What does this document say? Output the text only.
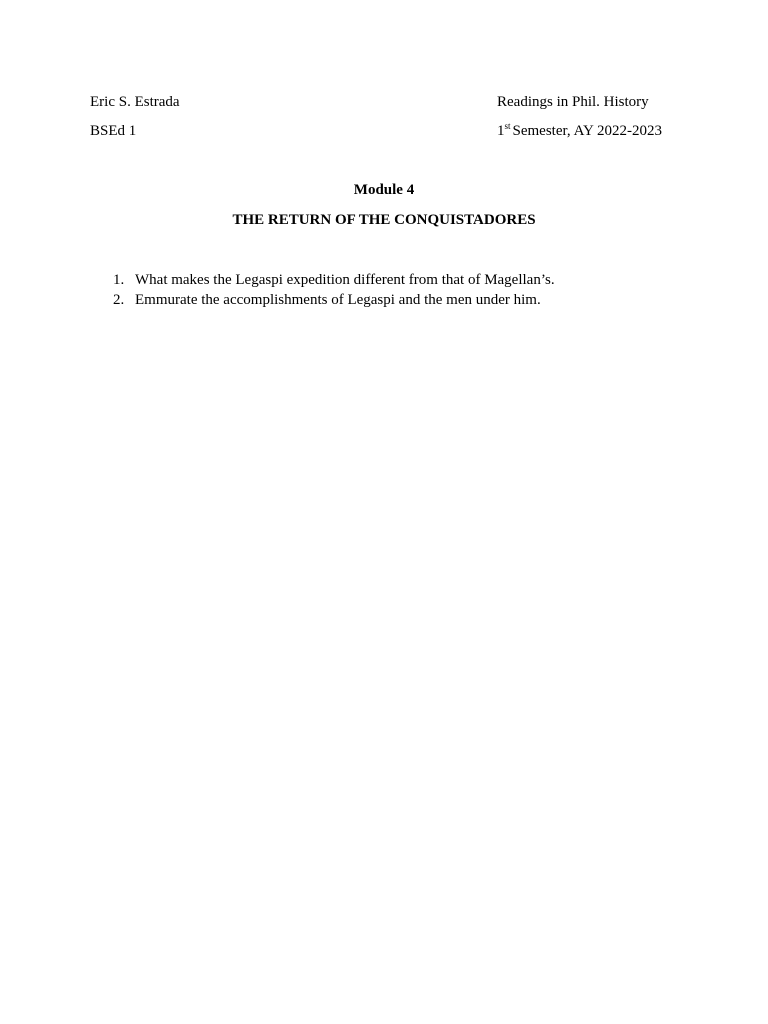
Eric S. Estrada
BSEd 1
Readings in Phil. History
1st Semester, AY 2022-2023
Module 4
THE RETURN OF THE CONQUISTADORES
1. What makes the Legaspi expedition different from that of Magellan’s.
2. Emmurate the accomplishments of Legaspi and the men under him.
